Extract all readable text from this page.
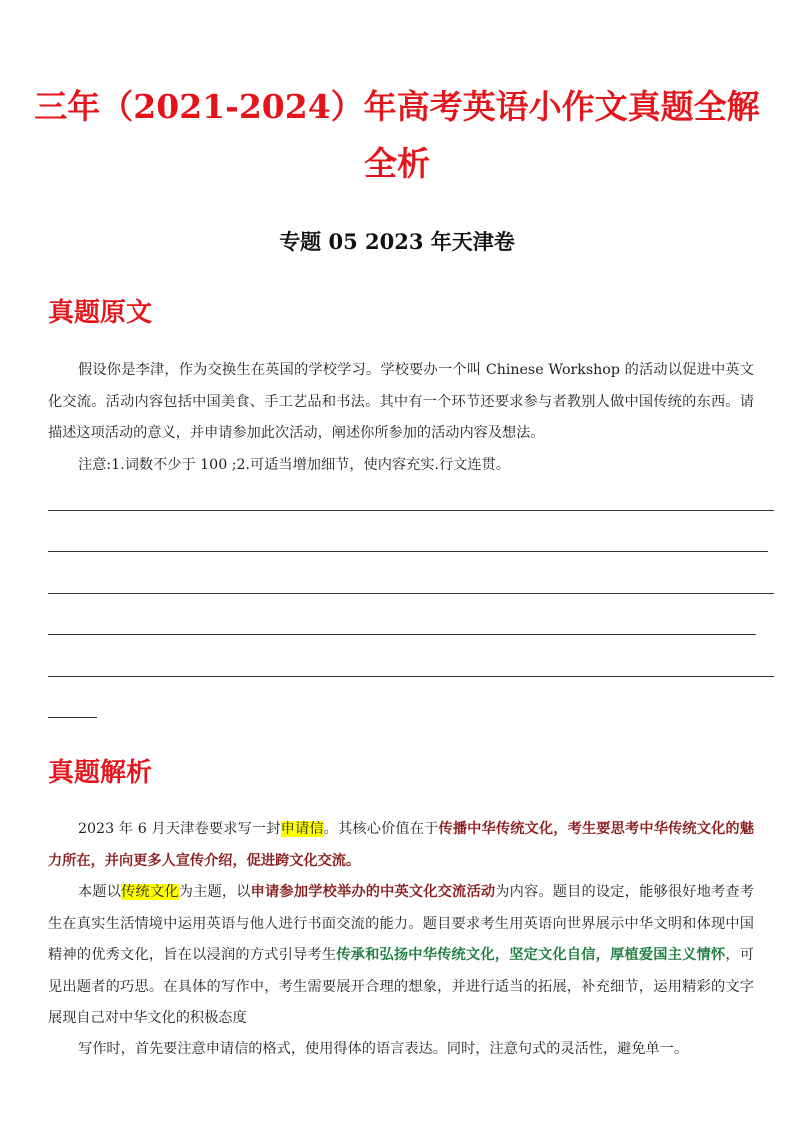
三年（2021-2024）年高考英语小作文真题全解
全析
专题 05 2023 年天津卷
真题原文
假设你是李津，作为交换生在英国的学校学习。学校要办一个叫 Chinese Workshop 的活动以促进中英文化交流。活动内容包括中国美食、手工艺品和书法。其中有一个环节还要求参与者教别人做中国传统的东西。请描述这项活动的意义，并申请参加此次活动，阐述你所参加的活动内容及想法。
注意:1.词数不少于 100 ;2.可适当增加细节，使内容充实.行文连贯。
真题解析
2023 年 6 月天津卷要求写一封申请信。其核心价值在于传播中华传统文化，考生要思考中华传统文化的魅力所在，并向更多人宣传介绍，促进跨文化交流。
本题以传统文化为主题，以申请参加学校举办的中英文化交流活动为内容。题目的设定，能够很好地考查考生在真实生活情境中运用英语与他人进行书面交流的能力。题目要求考生用英语向世界展示中华文明和体现中国精神的优秀文化，旨在以浸润的方式引导考生传承和弘扬中华传统文化，坚定文化自信，厚植爱国主义情怀，可见出题者的巧思。在具体的写作中，考生需要展开合理的想象，并进行适当的拓展，补充细节，运用精彩的文字展现自己对中华文化的积极态度
写作时，首先要注意申请信的格式，使用得体的语言表达。同时，注意句式的灵活性，避免单一。
